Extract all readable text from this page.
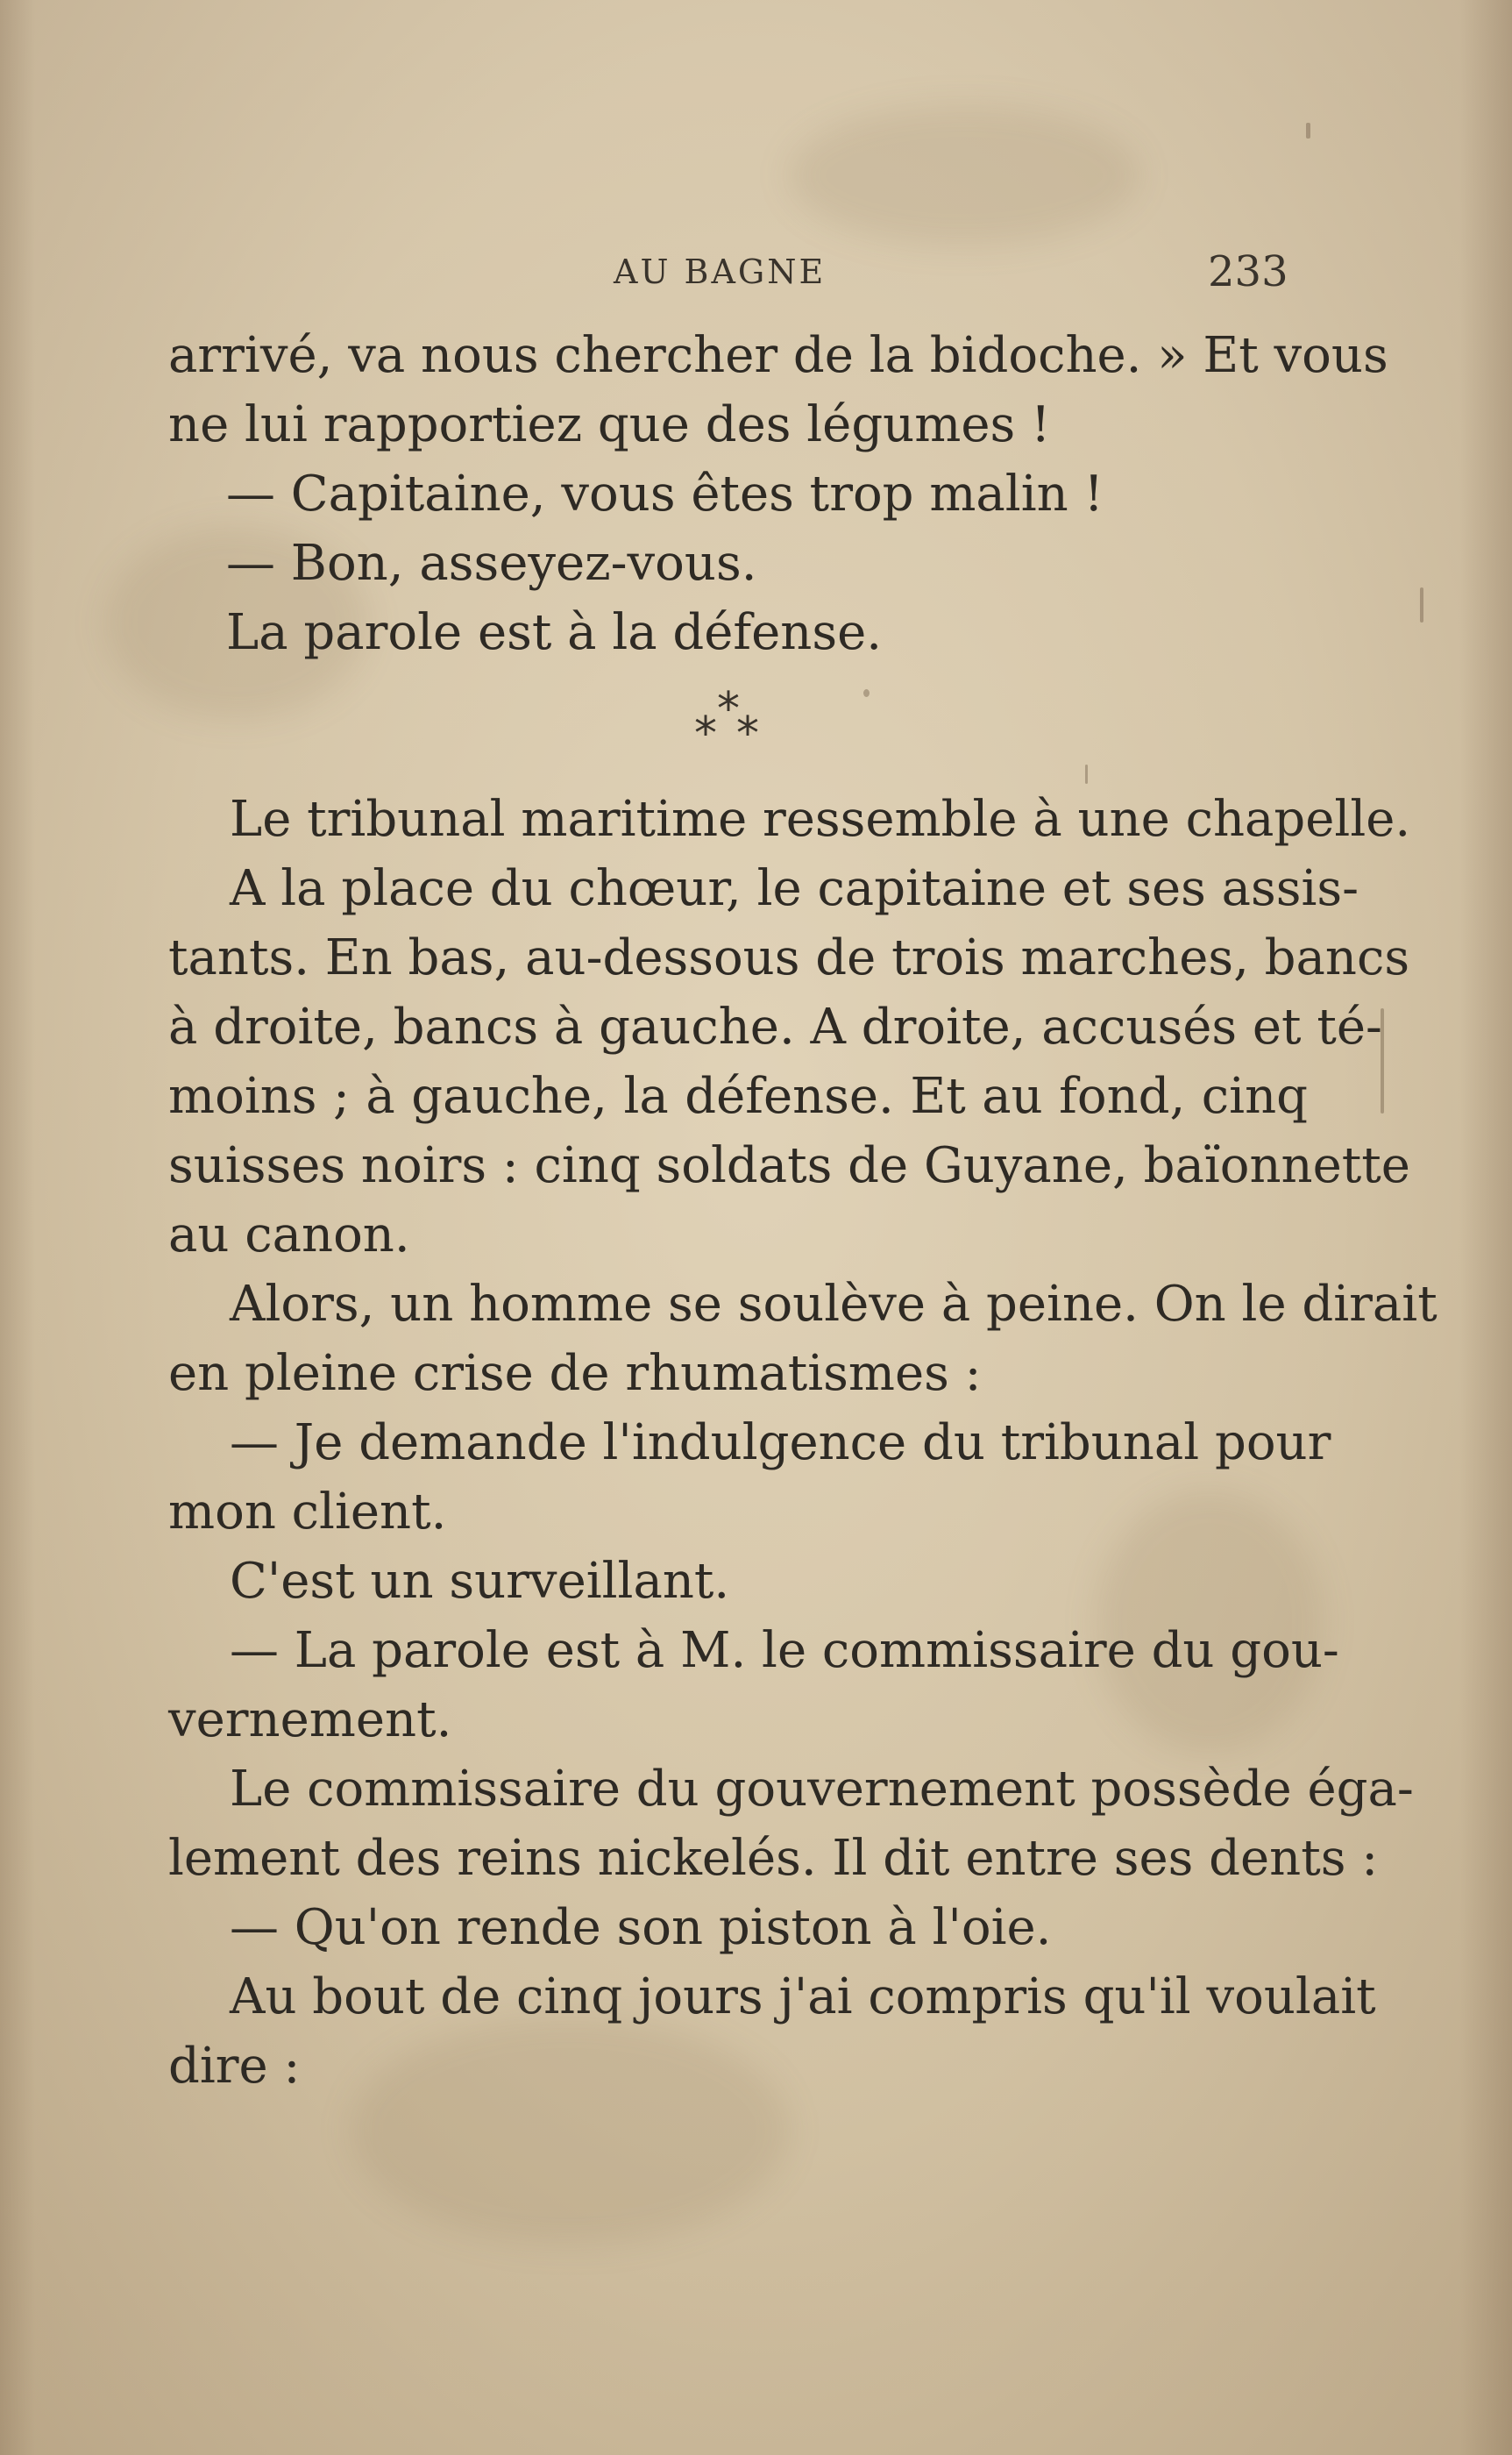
AU BAGNE	233
arrivé, va nous chercher de la bidoche. » Et vous
ne lui rapportiez que des légumes !
— Capitaine, vous êtes trop malin !
— Bon, asseyez-vous.
La parole est à la défense.
*
* *
Le tribunal maritime ressemble à une chapelle.
A la place du chœur, le capitaine et ses assis-
tants. En bas, au-dessous de trois marches, bancs
à droite, bancs à gauche. A droite, accusés et té-
moins ; à gauche, la défense. Et au fond, cinq
suisses noirs : cinq soldats de Guyane, baïonnette
au canon.
Alors, un homme se soulève à peine. On le dirait
en pleine crise de rhumatismes :
— Je demande l'indulgence du tribunal pour
mon client.
C'est un surveillant.
— La parole est à M. le commissaire du gou-
vernement.
Le commissaire du gouvernement possède éga-
lement des reins nickelés. Il dit entre ses dents :
— Qu'on rende son piston à l'oie.
Au bout de cinq jours j'ai compris qu'il voulait
dire :
